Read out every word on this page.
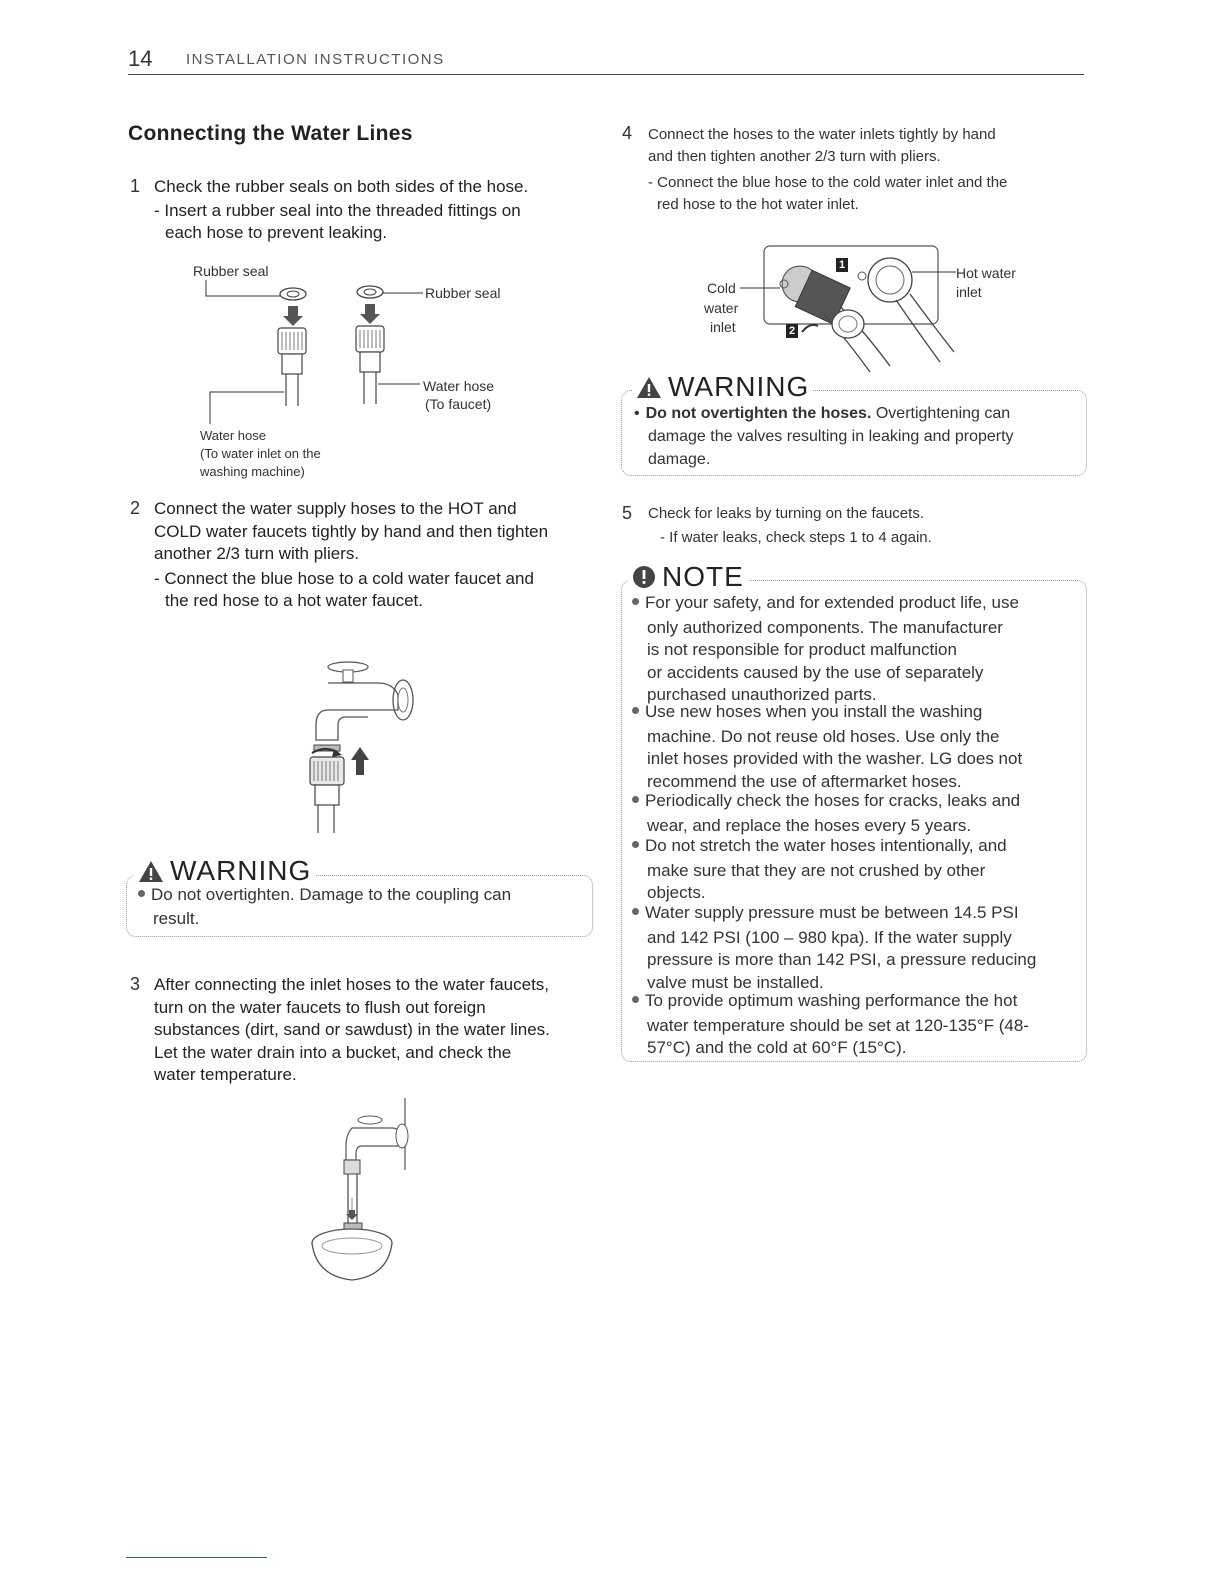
14 INSTALLATION INSTRUCTIONS
Connecting the Water Lines
1 Check the rubber seals on both sides of the hose.
- Insert a rubber seal into the threaded fittings on
each hose to prevent leaking.
Rubber seal
Rubber seal
Water hose
(To faucet)
Water hose
(To water inlet on the
washing machine)
2 Connect the water supply hoses to the HOT and
COLD water faucets tightly by hand and then tighten
another 2/3 turn with pliers.
- Connect the blue hose to a cold water faucet and
the red hose to a hot water faucet.
WARNING
Do not overtighten. Damage to the coupling can
result.
3 After connecting the inlet hoses to the water faucets,
turn on the water faucets to flush out foreign
substances (dirt, sand or sawdust) in the water lines.
Let the water drain into a bucket, and check the
water temperature.
4 Connect the hoses to the water inlets tightly by hand
and then tighten another 2/3 turn with pliers.
- Connect the blue hose to the cold water inlet and the
red hose to the hot water inlet.
1
2
Cold
water
inlet
Hot water
inlet
WARNING
• Do not overtighten the hoses. Overtightening can
damage the valves resulting in leaking and property
damage.
5 Check for leaks by turning on the faucets.
- If water leaks, check steps 1 to 4 again.
NOTE
For your safety, and for extended product life, use
only authorized components. The manufacturer
is not responsible for product malfunction
or accidents caused by the use of separately
purchased unauthorized parts.
Use new hoses when you install the washing
machine. Do not reuse old hoses. Use only the
inlet hoses provided with the washer. LG does not
recommend the use of aftermarket hoses.
Periodically check the hoses for cracks, leaks and
wear, and replace the hoses every 5 years.
Do not stretch the water hoses intentionally, and
make sure that they are not crushed by other
objects.
Water supply pressure must be between 14.5 PSI
and 142 PSI (100 – 980 kpa). If the water supply
pressure is more than 142 PSI, a pressure reducing
valve must be installed.
To provide optimum washing performance the hot
water temperature should be set at 120-135°F (48-
57°C) and the cold at 60°F (15°C).
